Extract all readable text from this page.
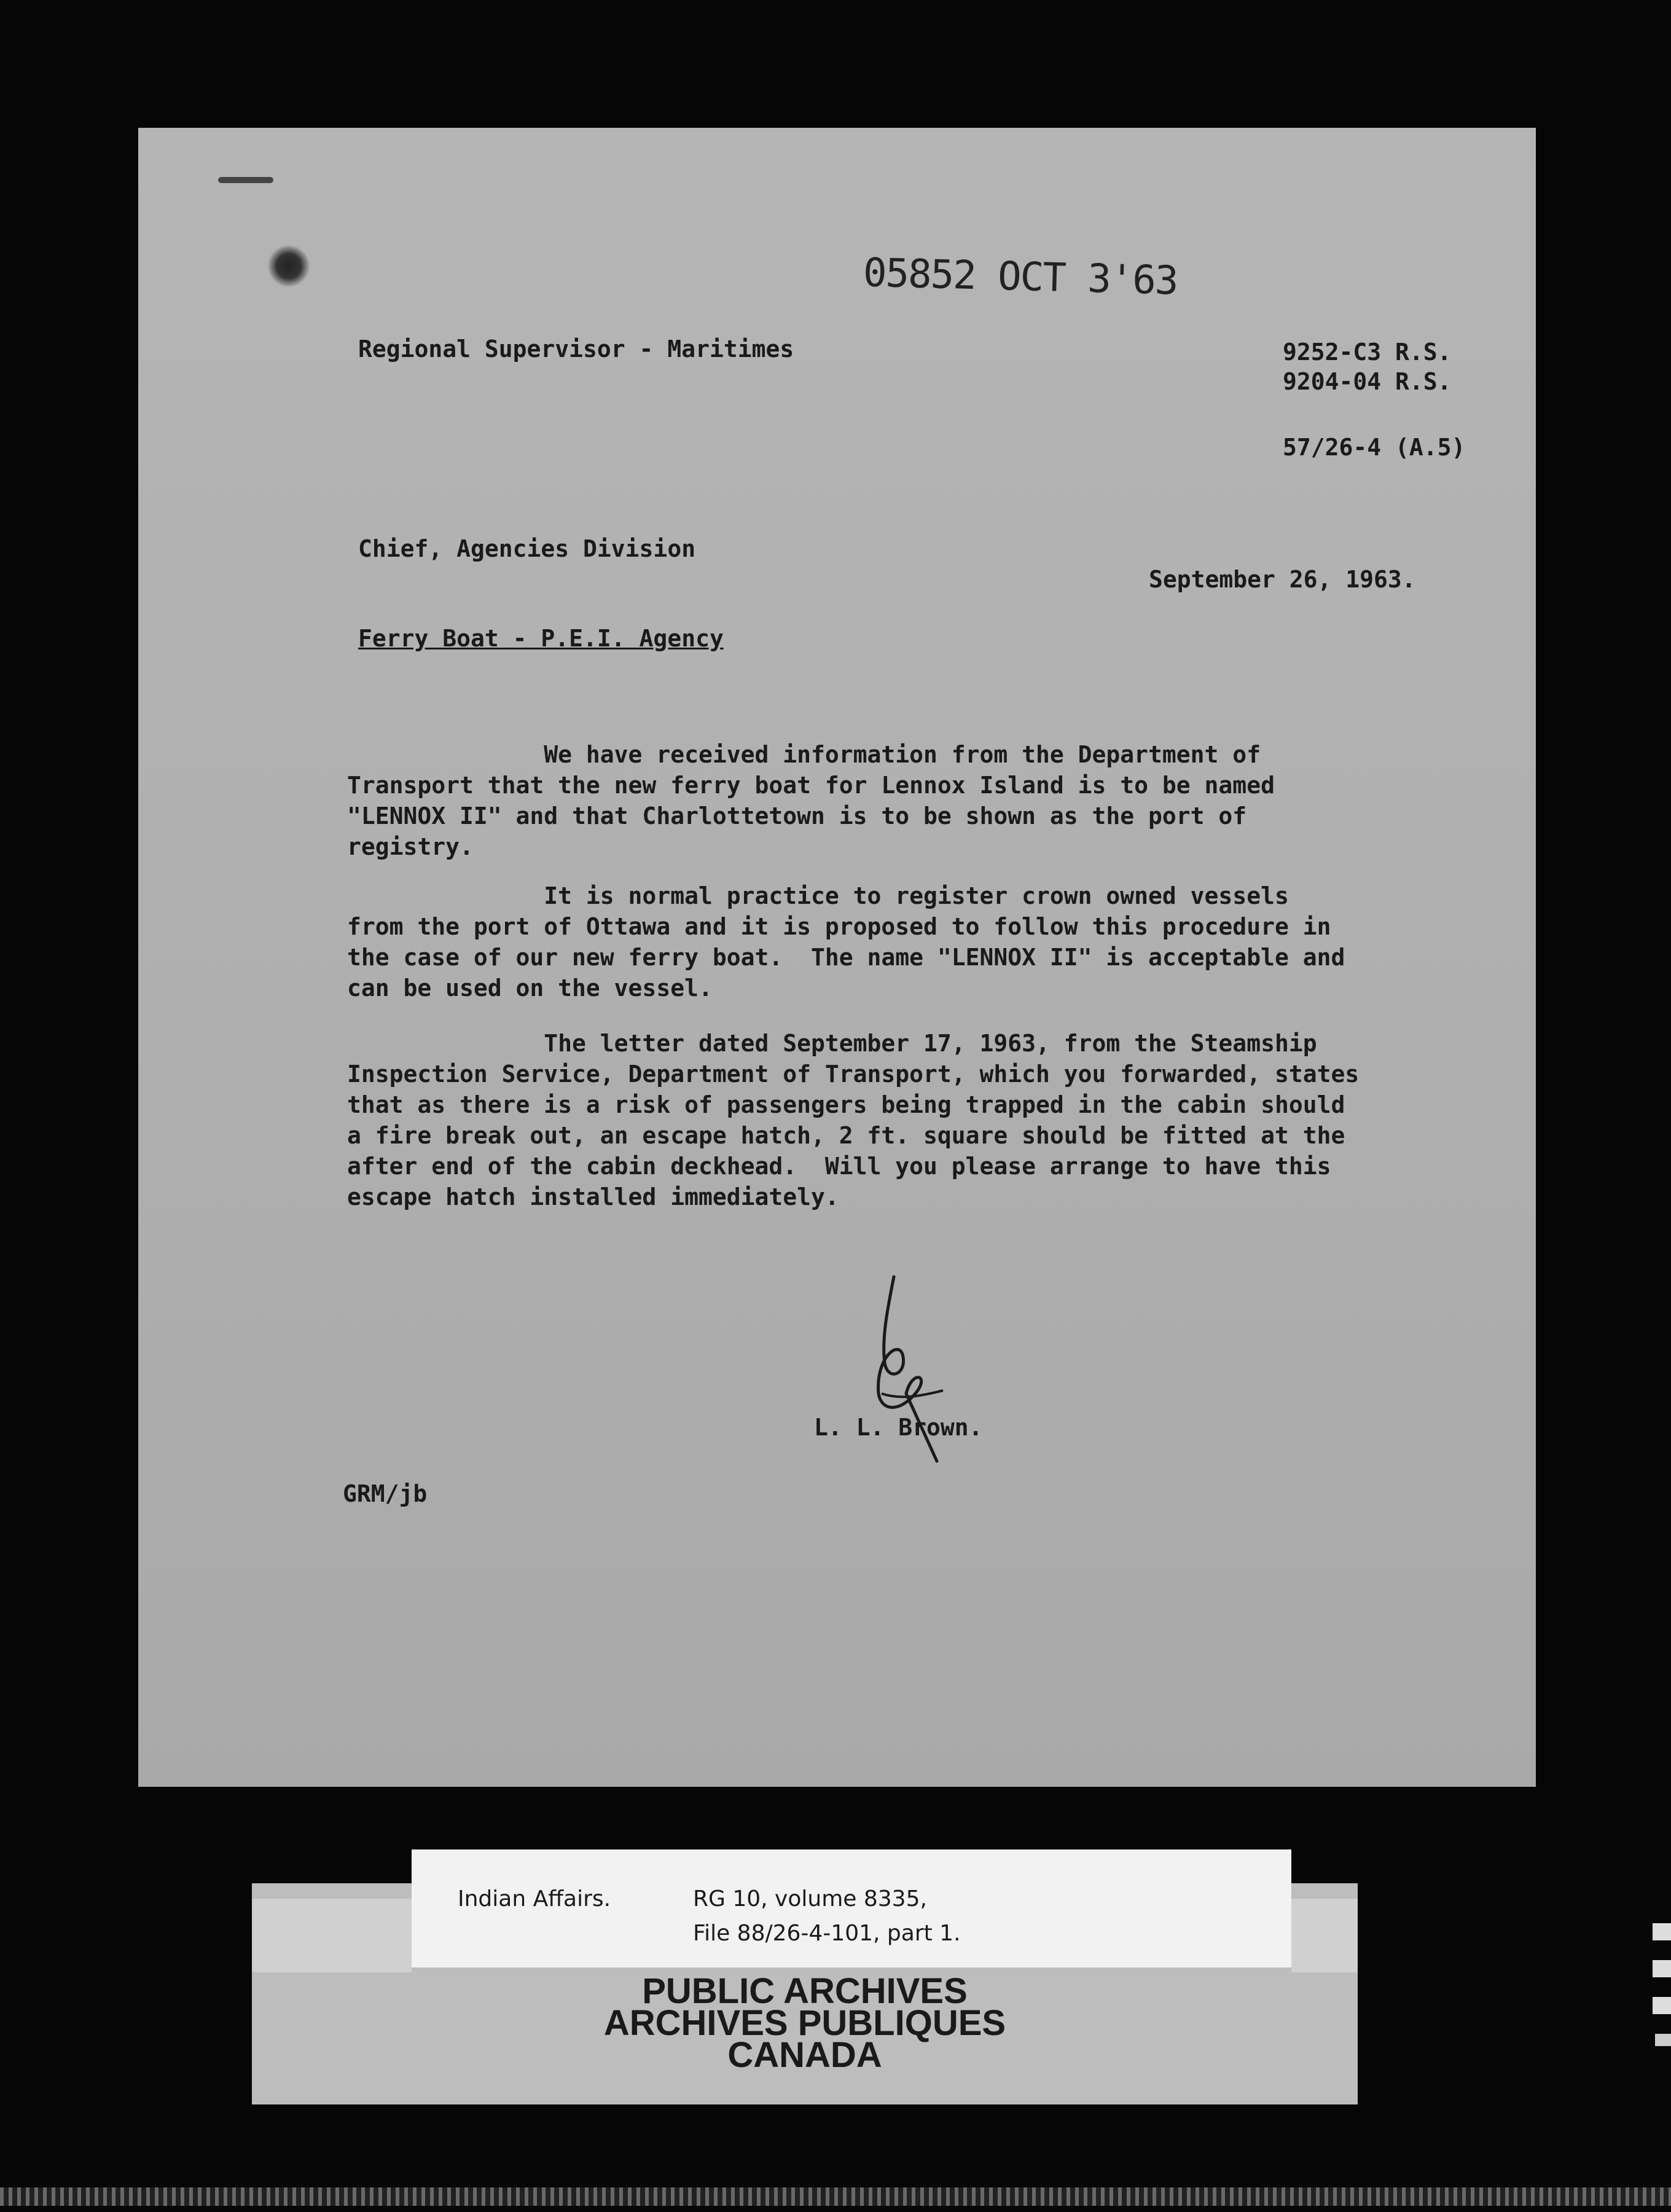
05852 OCT 3'63
Regional Supervisor - Maritimes	9252-C3 R.S.
9204-04 R.S.
57/26-4 (A.5)
Chief, Agencies Division
September 26, 1963.
Ferry Boat - P.E.I. Agency
We have received information from the Department of
Transport that the new ferry boat for Lennox Island is to be named
"LENNOX II" and that Charlottetown is to be shown as the port of
registry.
It is normal practice to register crown owned vessels
from the port of Ottawa and it is proposed to follow this procedure in
the case of our new ferry boat.  The name "LENNOX II" is acceptable and
can be used on the vessel.
The letter dated September 17, 1963, from the Steamship
Inspection Service, Department of Transport, which you forwarded, states
that as there is a risk of passengers being trapped in the cabin should
a fire break out, an escape hatch, 2 ft. square should be fitted at the
after end of the cabin deckhead.  Will you please arrange to have this
escape hatch installed immediately.
L. L. Brown.
GRM/jb
Indian Affairs.	RG 10, volume 8335,
File 88/26-4-101, part 1.
PUBLIC ARCHIVES
ARCHIVES PUBLIQUES
CANADA
